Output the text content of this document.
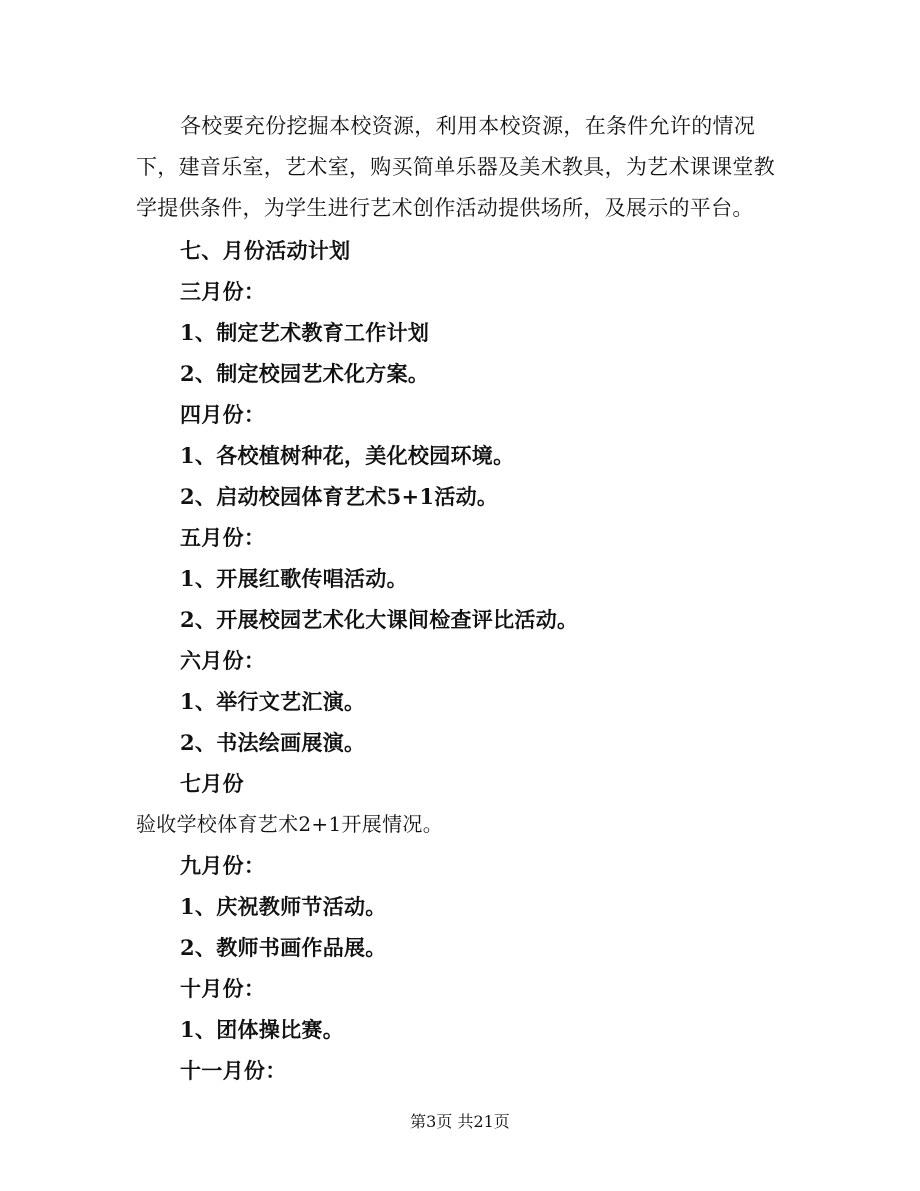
各校要充份挖掘本校资源，利用本校资源，在条件允许的情况下，建音乐室，艺术室，购买简单乐器及美术教具，为艺术课课堂教学提供条件，为学生进行艺术创作活动提供场所，及展示的平台。

七、月份活动计划
三月份：
1、制定艺术教育工作计划
2、制定校园艺术化方案。
四月份：
1、各校植树种花，美化校园环境。
2、启动校园体育艺术5+1活动。
五月份：
1、开展红歌传唱活动。
2、开展校园艺术化大课间检查评比活动。
六月份：
1、举行文艺汇演。
2、书法绘画展演。
七月份
验收学校体育艺术2+1开展情况。
九月份：
1、庆祝教师节活动。
2、教师书画作品展。
十月份：
1、团体操比赛。
十一月份：
第3页 共21页
